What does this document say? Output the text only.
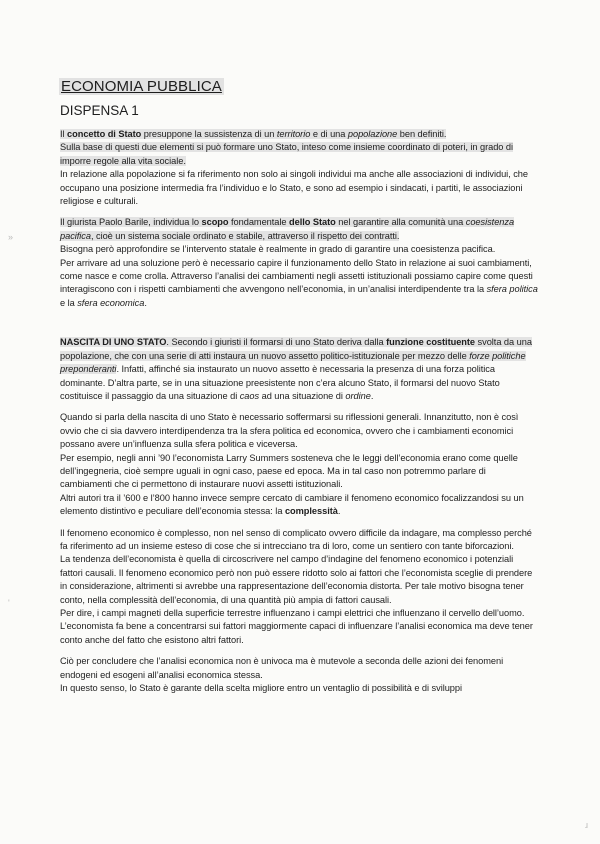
»
'
ɹ
ECONOMIA PUBBLICA
DISPENSA 1

Il concetto di Stato presuppone la sussistenza di un territorio e di una popolazione ben definiti.

Sulla base di questi due elementi si può formare uno Stato, inteso come insieme coordinato di poteri, in grado di imporre regole alla vita sociale.

In relazione alla popolazione si fa riferimento non solo ai singoli individui ma anche alle associazioni di individui, che occupano una posizione intermedia fra l’individuo e lo Stato, e sono ad esempio i sindacati, i partiti, le associazioni religiose e culturali.

Il giurista Paolo Barile, individua lo scopo fondamentale dello Stato nel garantire alla comunità una coesistenza pacifica, cioè un sistema sociale ordinato e stabile, attraverso il rispetto dei contratti.

Bisogna però approfondire se l’intervento statale è realmente in grado di garantire una coesistenza pacifica.

Per arrivare ad una soluzione però è necessario capire il funzionamento dello Stato in relazione ai suoi cambiamenti, come nasce e come crolla. Attraverso l’analisi dei cambiamenti negli assetti istituzionali possiamo capire come questi interagiscono con i rispetti cambiamenti che avvengono nell’economia, in un’analisi interdipendente tra la sfera politica e la sfera economica.

NASCITA DI UNO STATO. Secondo i giuristi il formarsi di uno Stato deriva dalla funzione costituente svolta da una popolazione, che con una serie di atti instaura un nuovo assetto politico-istituzionale per mezzo delle forze politiche preponderanti. Infatti, affinché sia instaurato un nuovo assetto è necessaria la presenza di una forza politica dominante. D’altra parte, se in una situazione preesistente non c’era alcuno Stato, il formarsi del nuovo Stato costituisce il passaggio da una situazione di caos ad una situazione di ordine.

Quando si parla della nascita di uno Stato è necessario soffermarsi su riflessioni generali. Innanzitutto, non è così ovvio che ci sia davvero interdipendenza tra la sfera politica ed economica, ovvero che i cambiamenti economici possano avere un’influenza sulla sfera politica e viceversa.

Per esempio, negli anni ’90 l’economista Larry Summers sosteneva che le leggi dell’economia erano come quelle dell’ingegneria, cioè sempre uguali in ogni caso, paese ed epoca. Ma in tal caso non potremmo parlare di cambiamenti che ci permettono di instaurare nuovi assetti istituzionali.

Altri autori tra il ’600 e l’800 hanno invece sempre cercato di cambiare il fenomeno economico focalizzandosi su un elemento distintivo e peculiare dell’economia stessa: la complessità.

Il fenomeno economico è complesso, non nel senso di complicato ovvero difficile da indagare, ma complesso perché fa riferimento ad un insieme esteso di cose che si intrecciano tra di loro, come un sentiero con tante biforcazioni.

La tendenza dell’economista è quella di circoscrivere nel campo d’indagine del fenomeno economico i potenziali fattori causali. Il fenomeno economico però non può essere ridotto solo ai fattori che l’economista sceglie di prendere in considerazione, altrimenti si avrebbe una rappresentazione dell’economia distorta. Per tale motivo bisogna tener conto, nella complessità dell’economia, di una quantità più ampia di fattori causali.

Per dire, i campi magneti della superficie terrestre influenzano i campi elettrici che influenzano il cervello dell’uomo. L’economista fa bene a concentrarsi sui fattori maggiormente capaci di influenzare l’analisi economica ma deve tener conto anche del fatto che esistono altri fattori.

Ciò per concludere che l’analisi economica non è univoca ma è mutevole a seconda delle azioni dei fenomeni endogeni ed esogeni all’analisi economica stessa.

In questo senso, lo Stato è garante della scelta migliore entro un ventaglio di possibilità e di sviluppi
